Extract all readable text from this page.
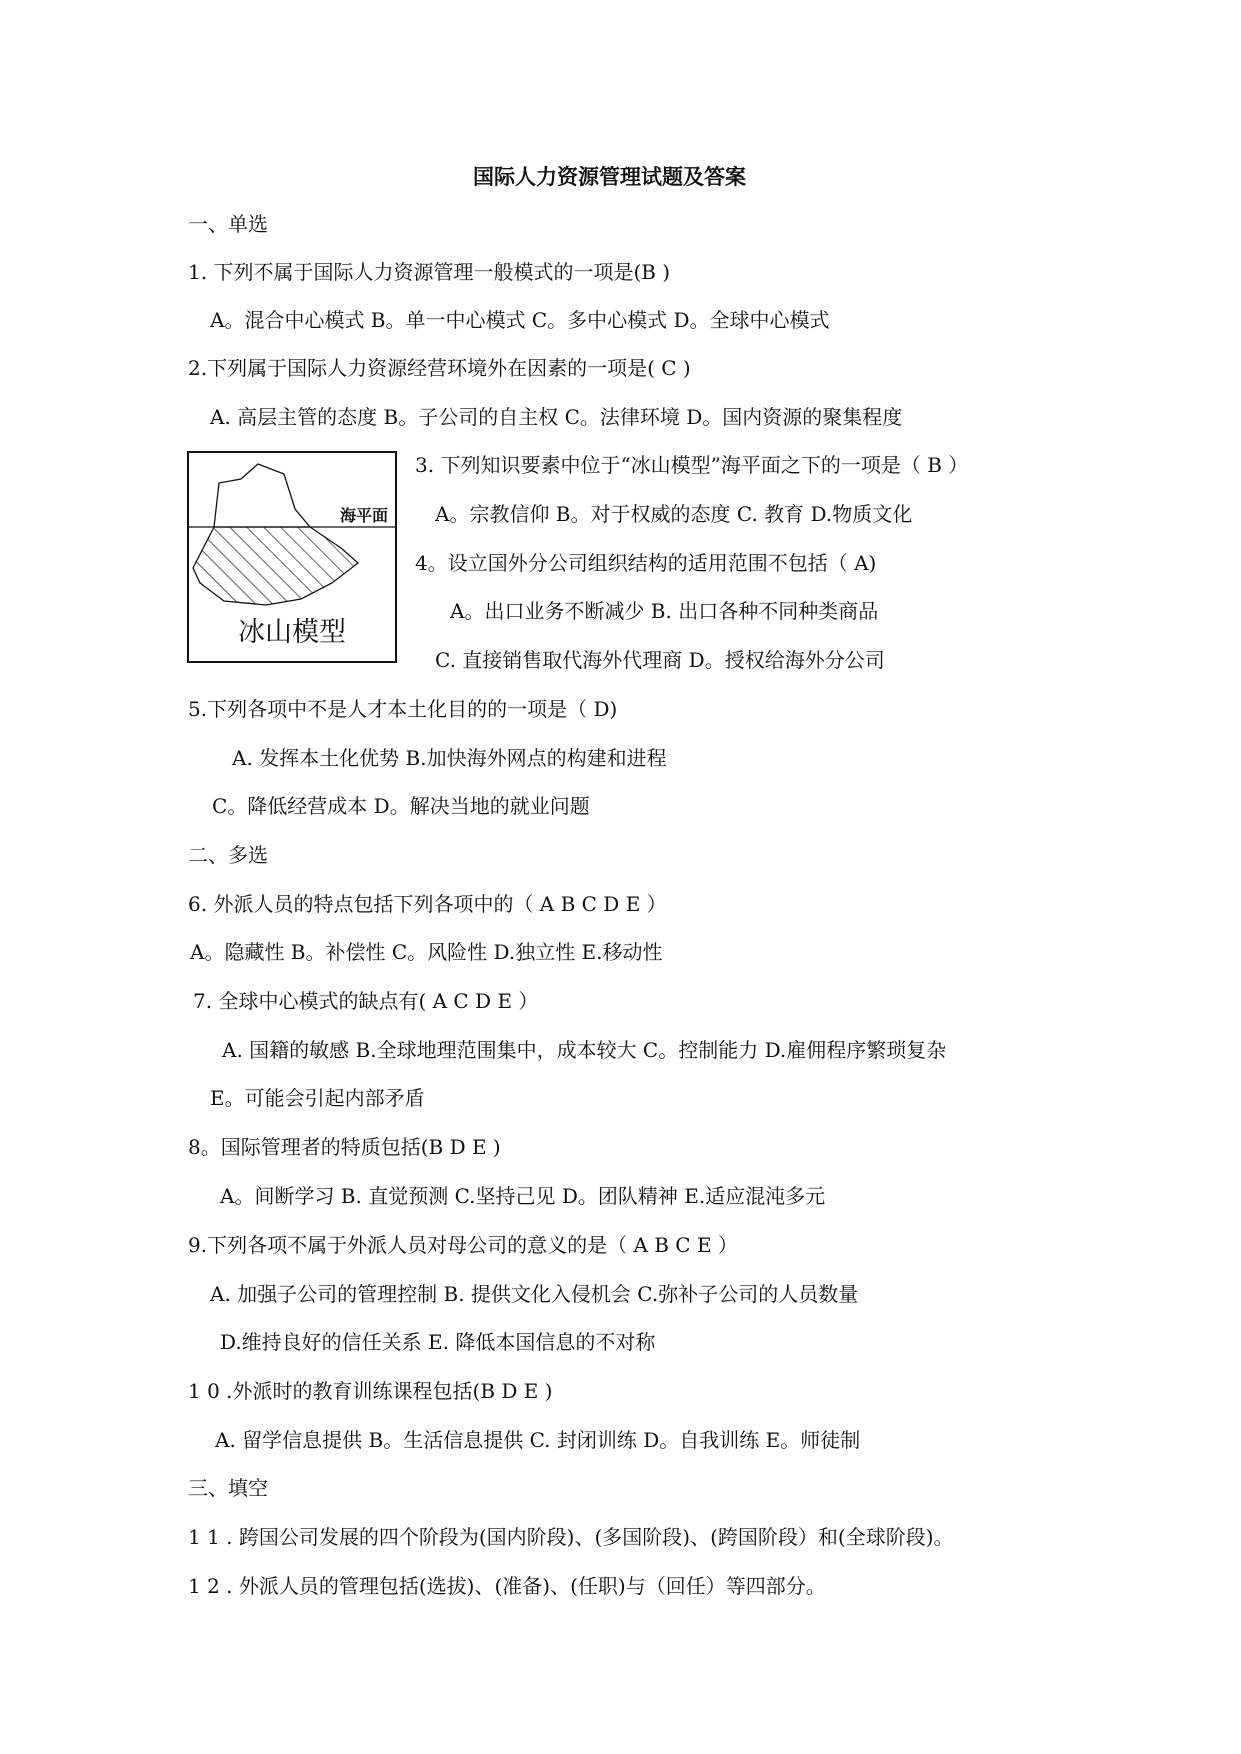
国际人力资源管理试题及答案
一、单选
1. 下列不属于国际人力资源管理一般模式的一项是(B )
A。混合中心模式 B。单一中心模式 C。多中心模式 D。全球中心模式
2.下列属于国际人力资源经营环境外在因素的一项是( C )
A. 高层主管的态度 B。子公司的自主权 C。法律环境 D。国内资源的聚集程度
海平面
冰山模型
3. 下列知识要素中位于“冰山模型”海平面之下的一项是（ B ）
A。宗教信仰 B。对于权威的态度 C. 教育 D.物质文化
4。设立国外分公司组织结构的适用范围不包括（ A)
A。出口业务不断减少 B. 出口各种不同种类商品
C. 直接销售取代海外代理商 D。授权给海外分公司
5.下列各项中不是人才本土化目的的一项是（ D)
A. 发挥本土化优势 B.加快海外网点的构建和进程
C。降低经营成本 D。解决当地的就业问题
二、多选
6. 外派人员的特点包括下列各项中的（ A B C D E ）
A。隐藏性 B。补偿性 C。风险性 D.独立性 E.移动性
7. 全球中心模式的缺点有( A C D E ）
A. 国籍的敏感 B.全球地理范围集中，成本较大 C。控制能力 D.雇佣程序繁琐复杂
E。可能会引起内部矛盾
8。国际管理者的特质包括(B D E )
A。间断学习 B. 直觉预测 C.坚持己见 D。团队精神 E.适应混沌多元
9.下列各项不属于外派人员对母公司的意义的是（ A B C E ）
A. 加强子公司的管理控制 B. 提供文化入侵机会 C.弥补子公司的人员数量
D.维持良好的信任关系 E. 降低本国信息的不对称
1 0 .外派时的教育训练课程包括(B D E )
A. 留学信息提供 B。生活信息提供 C. 封闭训练 D。自我训练 E。师徒制
三、填空
1 1 . 跨国公司发展的四个阶段为(国内阶段)、(多国阶段)、(跨国阶段）和(全球阶段)。
1 2 . 外派人员的管理包括(选拔)、(准备)、(任职)与（回任）等四部分。
